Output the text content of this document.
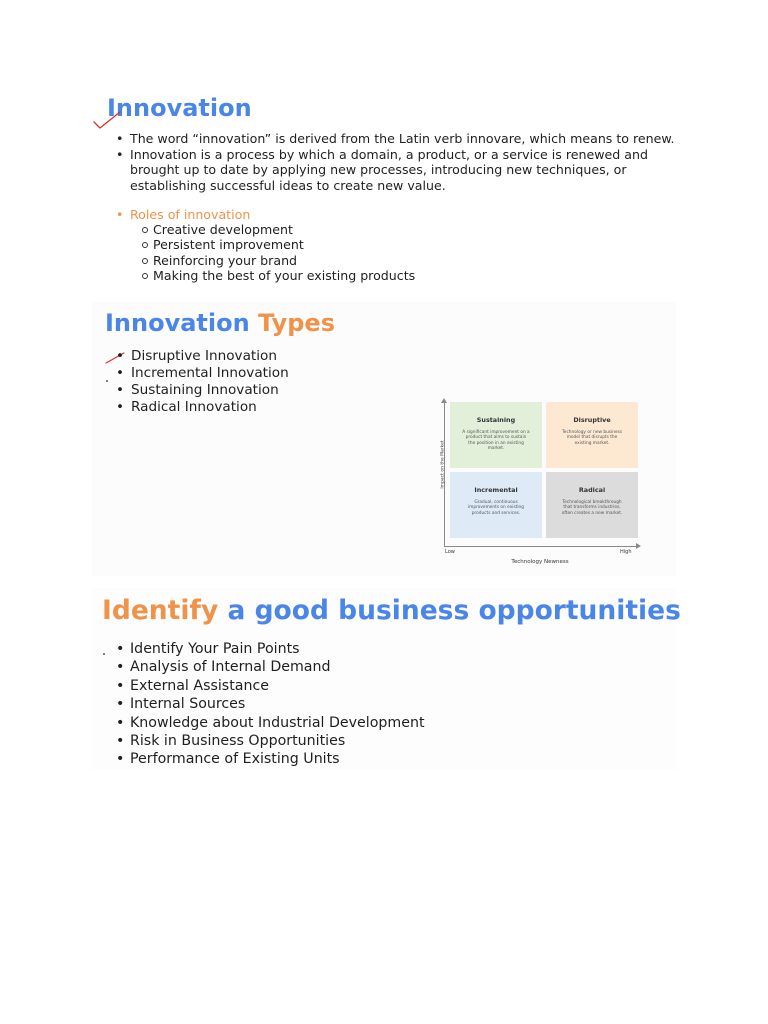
Innovation
• The word “innovation” is derived from the Latin verb innovare, which means to renew.
• Innovation is a process by which a domain, a product, or a service is renewed and brought up to date by applying new processes, introducing new techniques, or establishing successful ideas to create new value.
• Roles of innovation
Creative development
Persistent improvement
Reinforcing your brand
Making the best of your existing products
Innovation Types
• Disruptive Innovation
• Incremental Innovation
• Sustaining Innovation
• Radical Innovation
Impact on the Market
Low	High
Technology Newness
Sustaining
A significant improvement on a product that aims to sustain the position in an existing market.
Disruptive
Technology or new business model that disrupts the existing market.
Incremental
Gradual, continuous improvements on existing products and services.
Radical
Technological breakthrough that transforms industries, often creates a new market.
Identify a good business opportunities
• Identify Your Pain Points
• Analysis of Internal Demand
• External Assistance
• Internal Sources
• Knowledge about Industrial Development
• Risk in Business Opportunities
• Performance of Existing Units
